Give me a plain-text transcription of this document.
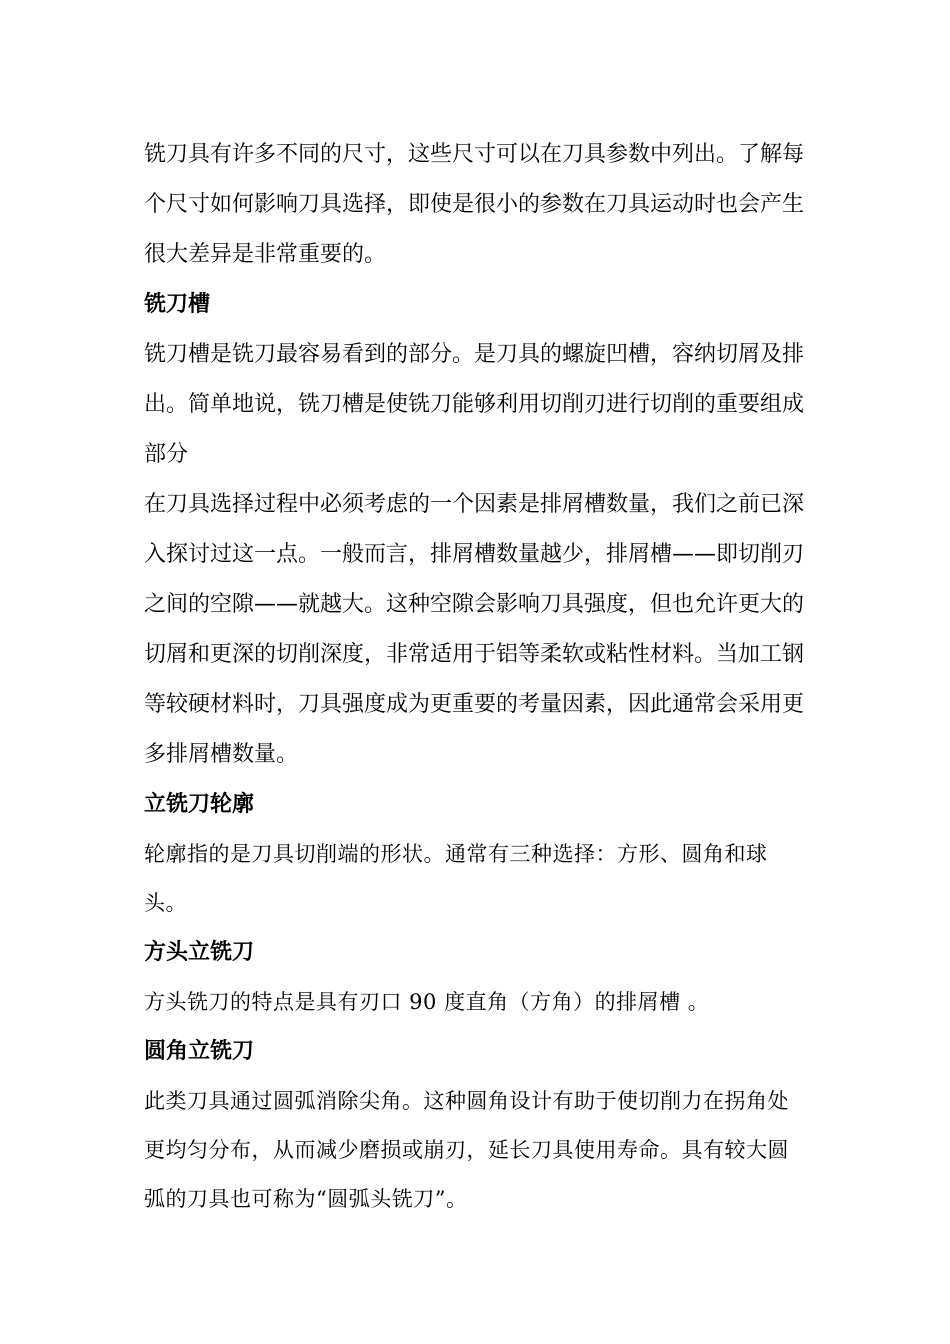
铣刀具有许多不同的尺寸，这些尺寸可以在刀具参数中列出。了解每个尺寸如何影响刀具选择，即使是很小的参数在刀具运动时也会产生很大差异是非常重要的。

铣刀槽

铣刀槽是铣刀最容易看到的部分。是刀具的螺旋凹槽，容纳切屑及排出。简单地说，铣刀槽是使铣刀能够利用切削刃进行切削的重要组成部分

在刀具选择过程中必须考虑的一个因素是排屑槽数量，我们之前已深入探讨过这一点。一般而言，排屑槽数量越少，排屑槽——即切削刃之间的空隙——就越大。这种空隙会影响刀具强度，但也允许更大的切屑和更深的切削深度，非常适用于铝等柔软或粘性材料。当加工钢等较硬材料时，刀具强度成为更重要的考量因素，因此通常会采用更多排屑槽数量。

立铣刀轮廓

轮廓指的是刀具切削端的形状。通常有三种选择：方形、圆角和球头。

方头立铣刀

方头铣刀的特点是具有刃口 90 度直角（方角）的排屑槽 。

圆角立铣刀

此类刀具通过圆弧消除尖角。这种圆角设计有助于使切削力在拐角处更均匀分布，从而减少磨损或崩刃，延长刀具使用寿命。具有较大圆弧的刀具也可称为“圆弧头铣刀”。
